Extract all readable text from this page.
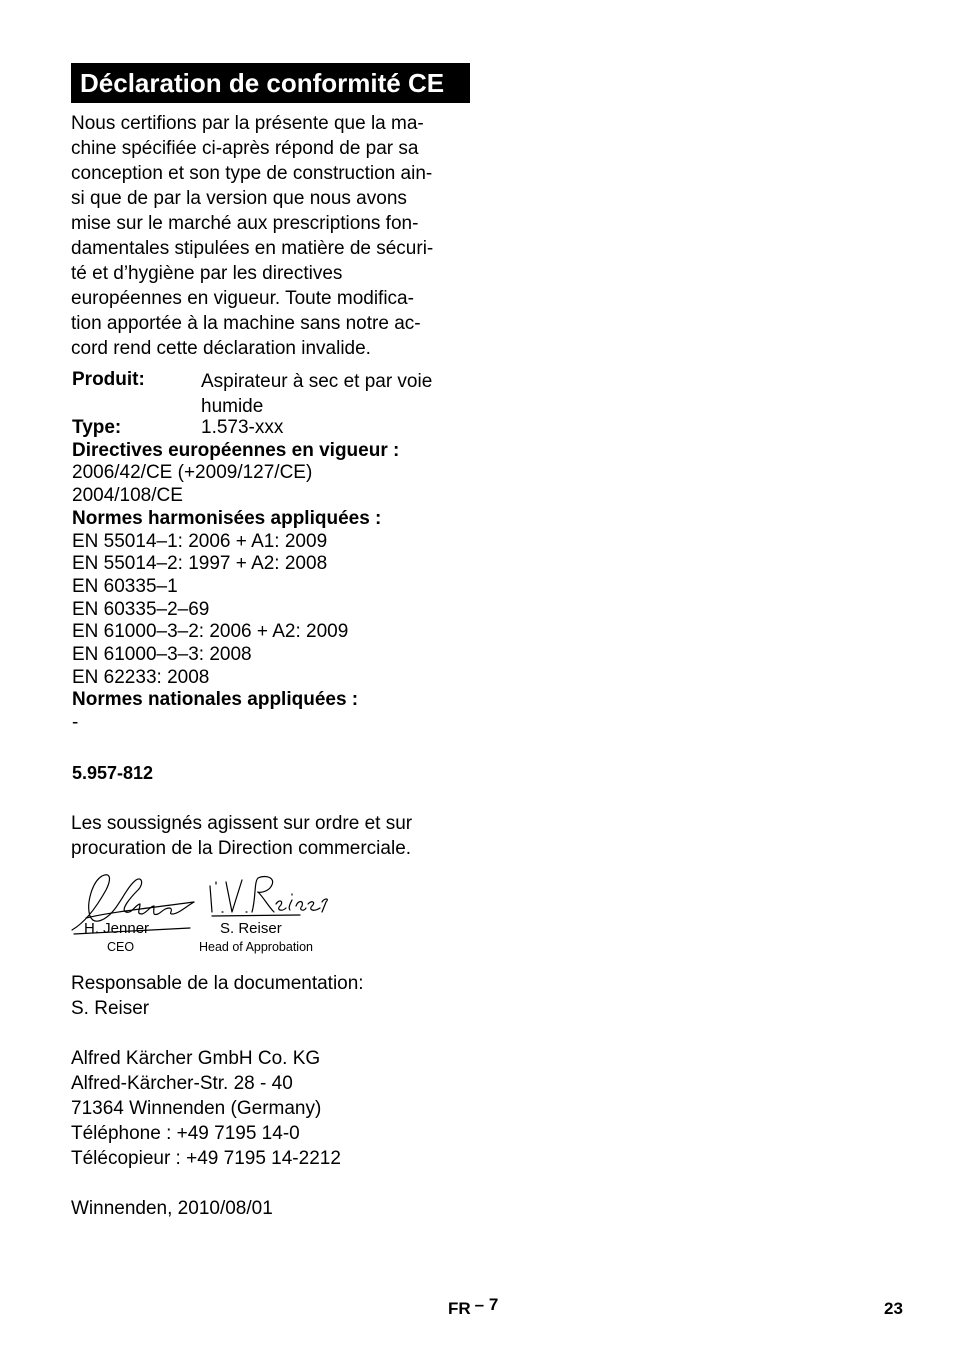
Déclaration de conformité CE
Nous certifions par la présente que la ma-
chine spécifiée ci-après répond de par sa
conception et son type de construction ain-
si que de par la version que nous avons
mise sur le marché aux prescriptions fon-
damentales stipulées en matière de sécuri-
té et d’hygiène par les directives
européennes en vigueur. Toute modifica-
tion apportée à la machine sans notre ac-
cord rend cette déclaration invalide.
Produit:	Aspirateur à sec et par voie
humide
Type:	1.573-xxx
Directives européennes en vigueur :
2006/42/CE (+2009/127/CE)
2004/108/CE
Normes harmonisées appliquées :
EN 55014–1: 2006 + A1: 2009
EN 55014–2: 1997 + A2: 2008
EN 60335–1
EN 60335–2–69
EN 61000–3–2: 2006 + A2: 2009
EN 61000–3–3: 2008
EN 62233: 2008
Normes nationales appliquées :
-
5.957-812
Les soussignés agissent sur ordre et sur
procuration de la Direction commerciale.
H. Jenner
CEO
S. Reiser
Head of Approbation
Responsable de la documentation:
S. Reiser
Alfred Kärcher GmbH Co. KG
Alfred-Kärcher-Str. 28 - 40
71364 Winnenden (Germany)
Téléphone : +49 7195 14-0
Télécopieur : +49 7195 14-2212
Winnenden, 2010/08/01
FR – 7	23
